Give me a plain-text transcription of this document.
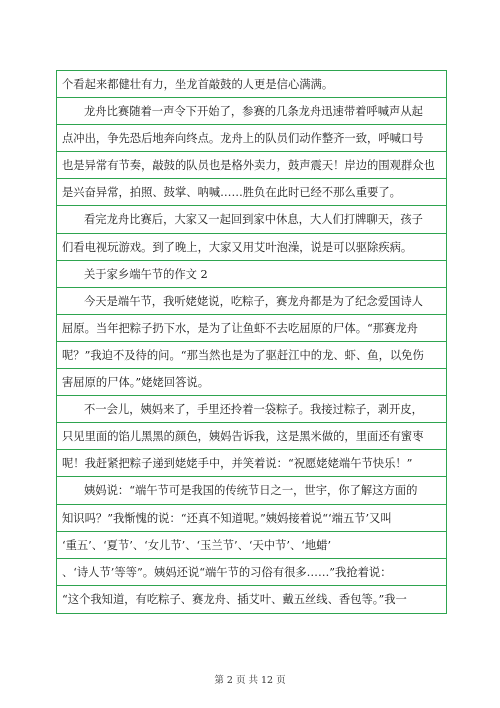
个看起来都健壮有力，坐龙首敲鼓的人更是信心满满。
龙舟比赛随着一声令下开始了，参赛的几条龙舟迅速带着呼喊声从起
点冲出，争先恐后地奔向终点。龙舟上的队员们动作整齐一致，呼喊口号
也是异常有节奏，敲鼓的队员也是格外卖力，鼓声震天！岸边的围观群众也
是兴奋异常，拍照、鼓掌、呐喊……胜负在此时已经不那么重要了。
看完龙舟比赛后，大家又一起回到家中休息，大人们打牌聊天，孩子
们看电视玩游戏。到了晚上，大家又用艾叶泡澡，说是可以驱除疾病。
关于家乡端午节的作文 2
今天是端午节，我听姥姥说，吃粽子，赛龙舟都是为了纪念爱国诗人
屈原。当年把粽子扔下水，是为了让鱼虾不去吃屈原的尸体。“那赛龙舟
呢？”我迫不及待的问。“那当然也是为了驱赶江中的龙、虾、鱼，以免伤
害屈原的尸体。”姥姥回答说。
不一会儿，姨妈来了，手里还拎着一袋粽子。我接过粽子，剥开皮，
只见里面的馅儿黑黑的颜色，姨妈告诉我，这是黑米做的，里面还有蜜枣
呢！我赶紧把粽子递到姥姥手中，并笑着说：“祝愿姥姥端午节快乐！”
姨妈说：“端午节可是我国的传统节日之一，世宇，你了解这方面的
知识吗？”我惭愧的说：“还真不知道呢。”姨妈接着说“‘端五节’又叫
‘重五’、‘夏节’、‘女儿节’、‘玉兰节’、‘天中节’、‘地蜡’
、‘诗人节’等等”。姨妈还说“端午节的习俗有很多……”我抢着说：
“这个我知道，有吃粽子、赛龙舟、插艾叶、戴五丝线、香包等。”我一
第 2 页 共 12 页
